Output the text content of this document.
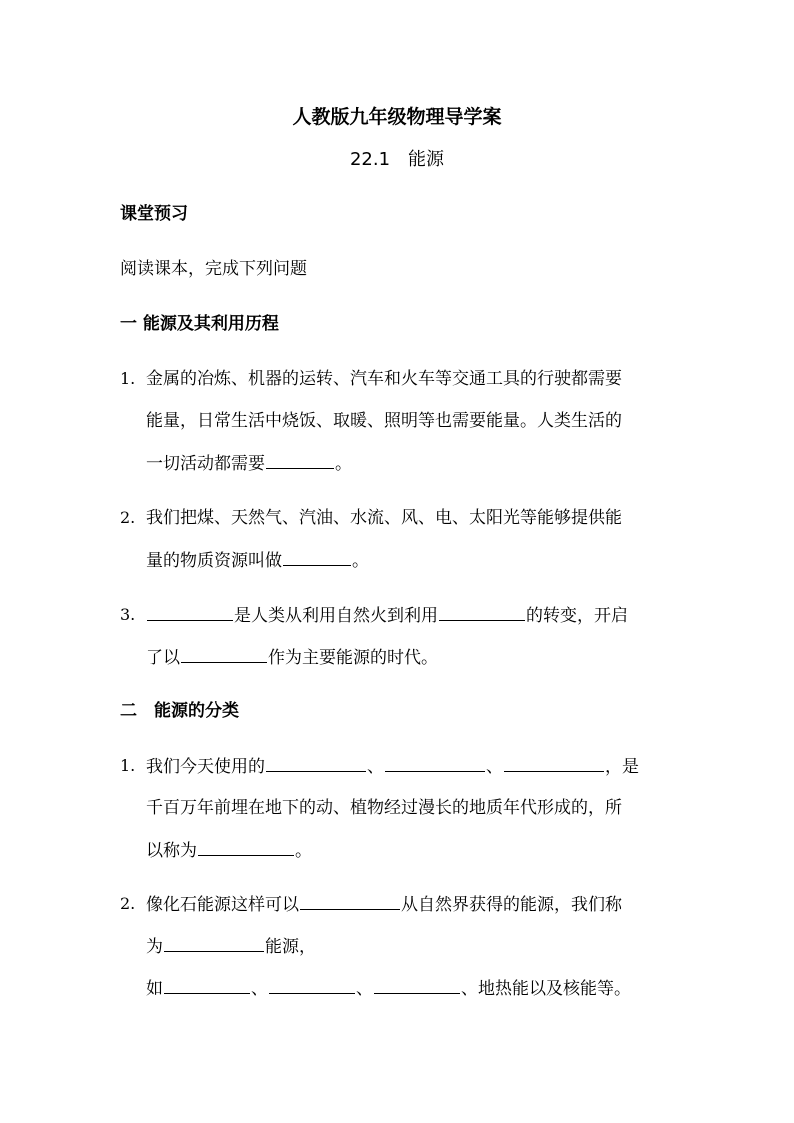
人教版九年级物理导学案
22.1　能源
课堂预习
阅读课本，完成下列问题
一 能源及其利用历程
1. 金属的冶炼、机器的运转、汽车和火车等交通工具的行驶都需要
能量，日常生活中烧饭、取暖、照明等也需要能量。人类生活的
一切活动都需要	。
2. 我们把煤、天然气、汽油、水流、风、电、太阳光等能够提供能
量的物质资源叫做	。
3.	是人类从利用自然火到利用	的转变，开启
了以	作为主要能源的时代。
二　能源的分类
1. 我们今天使用的	、	、	，是
千百万年前埋在地下的动、植物经过漫长的地质年代形成的，所
以称为	。
2. 像化石能源这样可以	从自然界获得的能源，我们称
为	能源，
如	、	、	、地热能以及核能等。
